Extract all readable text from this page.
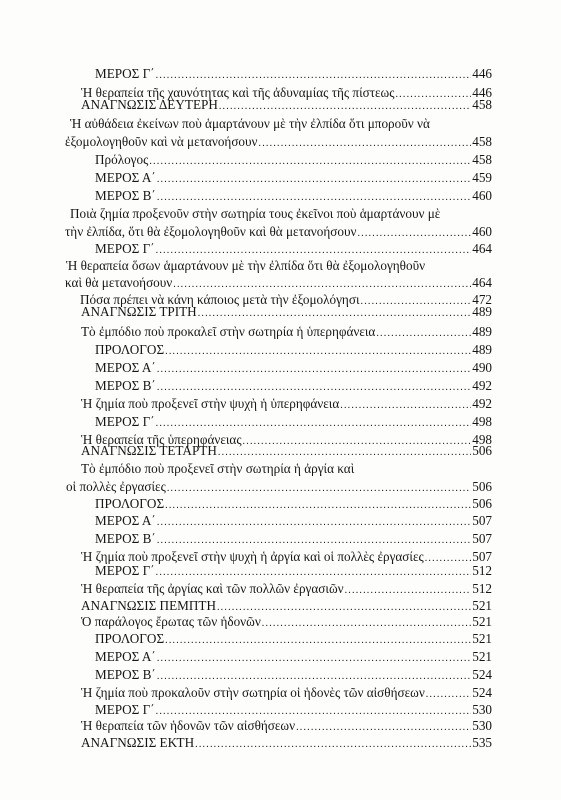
ΜΕΡΟΣ Γ΄ .....	446
Ἡ θεραπεία τῆς χαυνότητας καὶ τῆς ἀδυναμίας τῆς πίστεως .....	446
ΑΝΑΓΝΩΣΙΣ ΔΕΥΤΕΡΗ .....	458
Ἡ αὐθάδεια ἐκείνων ποὺ ἁμαρτάνουν μὲ τὴν ἐλπίδα ὅτι μποροῦν νὰ
ἐξομολογηθοῦν καὶ νὰ μετανοήσουν .....	458
Πρόλογος .....	458
ΜΕΡΟΣ Α΄ .....	459
ΜΕΡΟΣ Β΄ .....	460
Ποιὰ ζημία προξενοῦν στὴν σωτηρία τους ἐκεῖνοι ποὺ ἁμαρτάνουν μὲ
τὴν ἐλπίδα, ὅτι θὰ ἐξομολογηθοῦν καὶ θὰ μετανοήσουν .....	460
ΜΕΡΟΣ Γ΄ .....	464
Ἡ θεραπεία ὅσων ἁμαρτάνουν μὲ τὴν ἐλπίδα ὅτι θὰ ἐξομολογηθοῦν
καὶ θὰ μετανοήσουν .....	464
Πόσα πρέπει νὰ κάνη κάποιος μετὰ τὴν ἐξομολόγησι .....	472
ΑΝΑΓΝΩΣΙΣ ΤΡΙΤΗ .....	489
Τὸ ἐμπόδιο ποὺ προκαλεῖ στὴν σωτηρία ἡ ὑπερηφάνεια .....	489
ΠΡΟΛΟΓΟΣ .....	489
ΜΕΡΟΣ Α΄ .....	490
ΜΕΡΟΣ Β΄ .....	492
Ἡ ζημία ποὺ προξενεῖ στὴν ψυχὴ ἡ ὑπερηφάνεια .....	492
ΜΕΡΟΣ Γ΄ .....	498
Ἡ θεραπεία τῆς ὑπερηφάνειας .....	498
ΑΝΑΓΝΩΣΙΣ ΤΕΤΑΡΤΗ .....	506
Τὸ ἐμπόδιο ποὺ προξενεῖ στὴν σωτηρία ἡ ἀργία καὶ
οἱ πολλὲς ἐργασίες .....	506
ΠΡΟΛΟΓΟΣ .....	506
ΜΕΡΟΣ Α΄ .....	507
ΜΕΡΟΣ Β΄ .....	507
Ἡ ζημία ποὺ προξενεῖ στὴν ψυχὴ ἡ ἀργία καὶ οἱ πολλὲς ἐργασίες .....	507
ΜΕΡΟΣ Γ΄ .....	512
Ἡ θεραπεία τῆς ἀργίας καὶ τῶν πολλῶν ἐργασιῶν .....	512
ΑΝΑΓΝΩΣΙΣ ΠΕΜΠΤΗ .....	521
Ὁ παράλογος ἔρωτας τῶν ἡδονῶν .....	521
ΠΡΟΛΟΓΟΣ .....	521
ΜΕΡΟΣ Α΄ .....	521
ΜΕΡΟΣ Β΄ .....	524
Ἡ ζημία ποὺ προκαλοῦν στὴν σωτηρία οἱ ἡδονὲς τῶν αἰσθήσεων .....	524
ΜΕΡΟΣ Γ΄ .....	530
Ἡ θεραπεία τῶν ἡδονῶν τῶν αἰσθήσεων .....	530
ΑΝΑΓΝΩΣΙΣ ΕΚΤΗ .....	535
